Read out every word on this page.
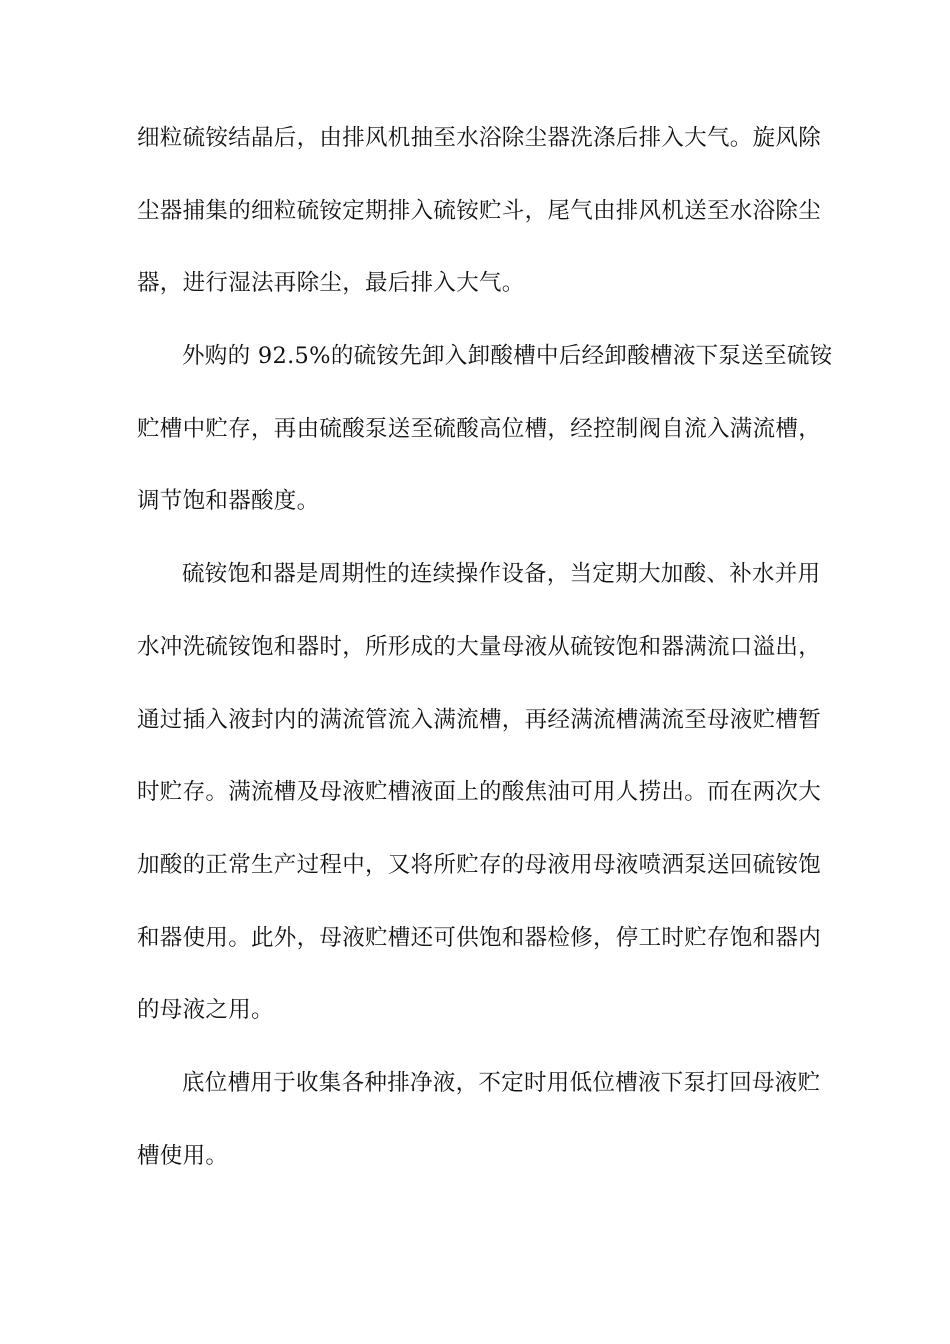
细粒硫铵结晶后，由排风机抽至水浴除尘器洗涤后排入大气。旋风除
尘器捕集的细粒硫铵定期排入硫铵贮斗，尾气由排风机送至水浴除尘
器，进行湿法再除尘，最后排入大气。
外购的 92.5%的硫铵先卸入卸酸槽中后经卸酸槽液下泵送至硫铵
贮槽中贮存，再由硫酸泵送至硫酸高位槽，经控制阀自流入满流槽，
调节饱和器酸度。
硫铵饱和器是周期性的连续操作设备，当定期大加酸、补水并用
水冲洗硫铵饱和器时，所形成的大量母液从硫铵饱和器满流口溢出，
通过插入液封内的满流管流入满流槽，再经满流槽满流至母液贮槽暂
时贮存。满流槽及母液贮槽液面上的酸焦油可用人捞出。而在两次大
加酸的正常生产过程中，又将所贮存的母液用母液喷洒泵送回硫铵饱
和器使用。此外，母液贮槽还可供饱和器检修，停工时贮存饱和器内
的母液之用。
底位槽用于收集各种排净液，不定时用低位槽液下泵打回母液贮
槽使用。
